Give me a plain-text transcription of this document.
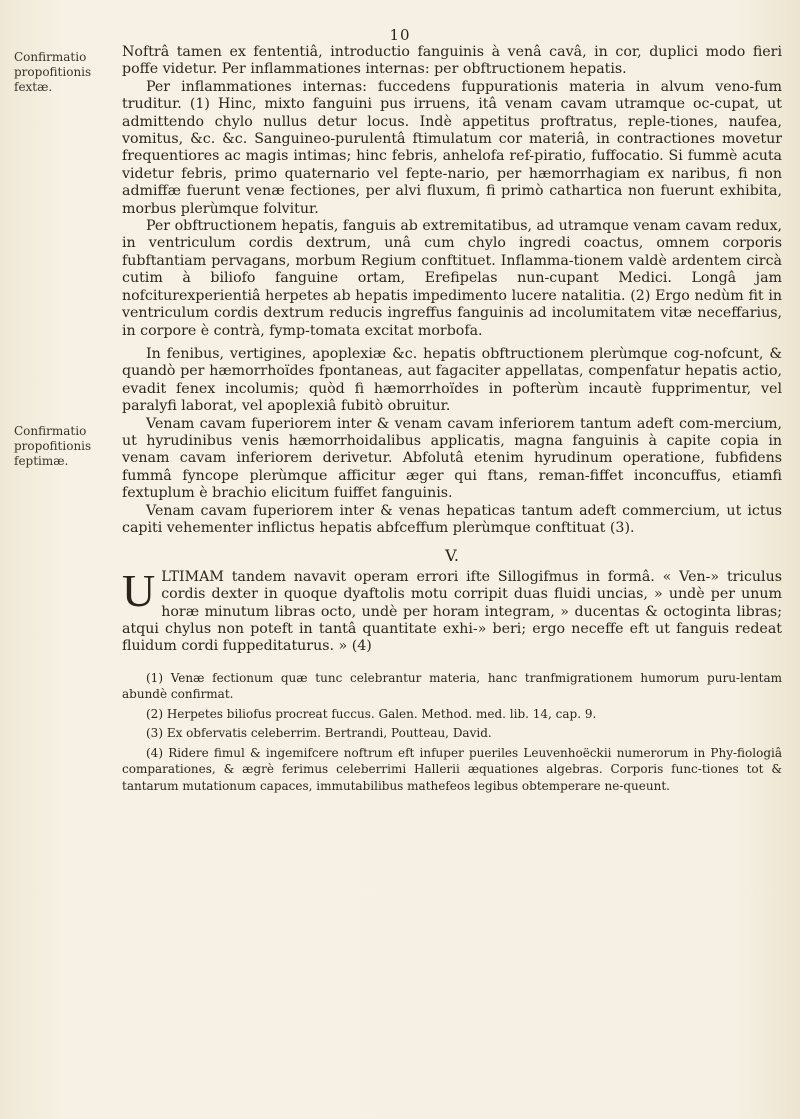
10
Confirmatio propofitionis fextæ.
Confirmatio propofitionis feptimæ.

Noftrâ tamen ex fententiâ, introductio fanguinis à venâ cavâ, in cor, duplici modo fieri poffe videtur. Per inflammationes internas: per obftructionem hepatis.

Per inflammationes internas: fuccedens fuppurationis materia in alvum veno-fum truditur. (1) Hinc, mixto fanguini pus irruens, itâ venam cavam utramque oc-cupat, ut admittendo chylo nullus detur locus. Indè appetitus proftratus, reple-tiones, naufea, vomitus, &c. &c. Sanguineo-purulentâ ftimulatum cor materiâ, in contractiones movetur frequentiores ac magis intimas; hinc febris, anhelofa ref-piratio, fuffocatio. Si fummè acuta videtur febris, primo quaternario vel fepte-nario, per hæmorrhagiam ex naribus, fi non admiffæ fuerunt venæ fectiones, per alvi fluxum, fi primò cathartica non fuerunt exhibita, morbus plerùmque folvitur.

Per obftructionem hepatis, fanguis ab extremitatibus, ad utramque venam cavam redux, in ventriculum cordis dextrum, unâ cum chylo ingredi coactus, omnem corporis fubftantiam pervagans, morbum Regium conftituet. Inflamma-tionem valdè ardentem circà cutim à biliofo fanguine ortam, Erefipelas nun-cupant Medici. Longâ jam nofciturexperientiâ herpetes ab hepatis impedimento lucere natalitia. (2) Ergo nedùm fit in ventriculum cordis dextrum reducis ingreffus fanguinis ad incolumitatem vitæ neceffarius, in corpore è contrà, fymp-tomata excitat morbofa.

In fenibus, vertigines, apoplexiæ &c. hepatis obftructionem plerùmque cog-nofcunt, & quandò per hæmorrhoïdes fpontaneas, aut fagaciter appellatas, compenfatur hepatis actio, evadit fenex incolumis; quòd fi hæmorrhoïdes in pofterùm incautè fupprimentur, vel paralyfi laborat, vel apoplexiâ fubitò obruitur.

Venam cavam fuperiorem inter & venam cavam inferiorem tantum adeft com-mercium, ut hyrudinibus venis hæmorrhoidalibus applicatis, magna fanguinis à capite copia in venam cavam inferiorem derivetur. Abfolutâ etenim hyrudinum operatione, fubfidens fummâ fyncope plerùmque afficitur æger qui ftans, reman-fiffet inconcuffus, etiamfi fextuplum è brachio elicitum fuiffet fanguinis.

Venam cavam fuperiorem inter & venas hepaticas tantum adeft commercium, ut ictus capiti vehementer inflictus hepatis abfceffum plerùmque conftituat (3).

V.

ULTIMAM tandem navavit operam errori ifte Sillogifmus in formâ. « Ven-» triculus cordis dexter in quoque dyaftolis motu corripit duas fluidi uncias, » undè per unum horæ minutum libras octo, undè per horam integram, » ducentas & octoginta libras; atqui chylus non poteft in tantâ quantitate exhi-» beri; ergo neceffe eft ut fanguis redeat fluidum cordi fuppeditaturus. » (4)

(1) Venæ fectionum quæ tunc celebrantur materia, hanc tranfmigrationem humorum puru-lentam abundè confirmat.

(2) Herpetes biliofus procreat fuccus. Galen. Method. med. lib. 14, cap. 9.

(3) Ex obfervatis celeberrim. Bertrandi, Poutteau, David.

(4) Ridere fimul & ingemifcere noftrum eft infuper pueriles Leuvenhoëckii numerorum in Phy-fiologiâ comparationes, & ægrè ferimus celeberrimi Hallerii æquationes algebras. Corporis func-tiones tot & tantarum mutationum capaces, immutabilibus mathefeos legibus obtemperare ne-queunt.
